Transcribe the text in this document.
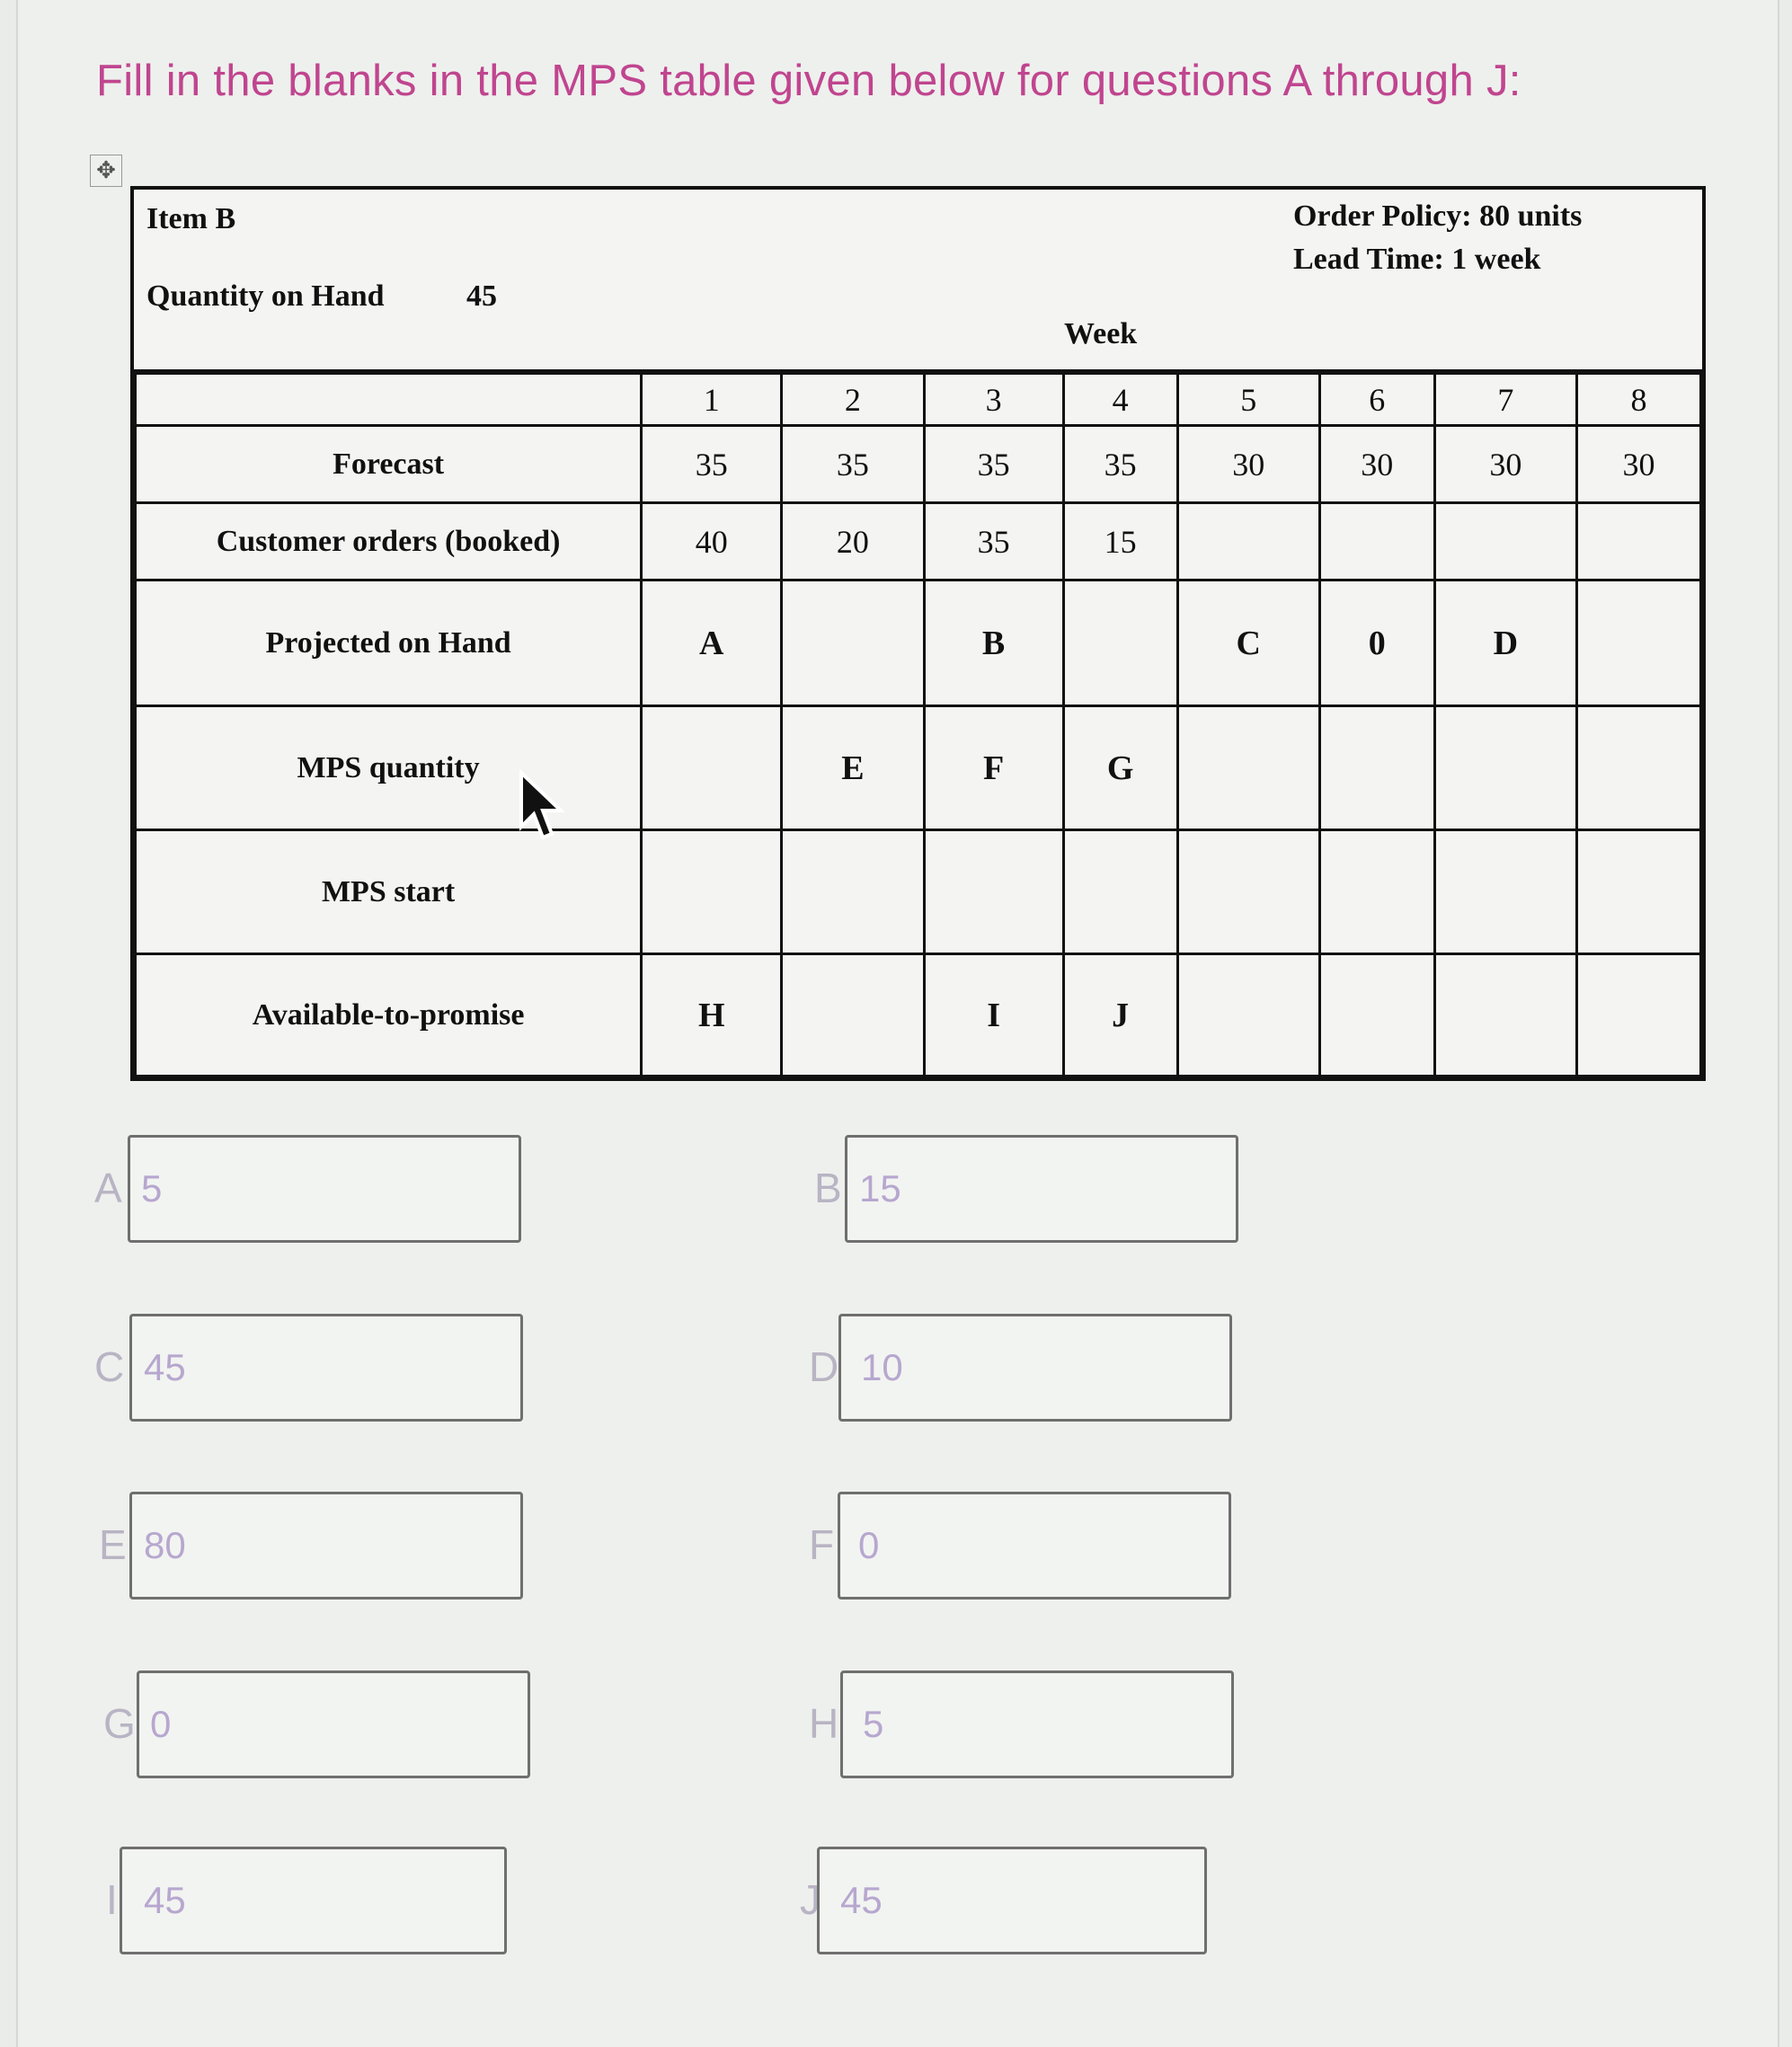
Fill in the blanks in the MPS table given below for questions A through J:
✥
Item B
Quantity on Hand	45
Order Policy: 80 units
Lead Time: 1 week
Week
	1	2	3	4	5	6	7	8
Forecast	35	35	35	35	30	30	30	30
Customer orders (booked)	40	20	35	15				
Projected on Hand	A		B		C	0	D	
MPS quantity		E	F	G				
MPS start								
Available-to-promise	H		I	J				
A 5
C 45
E 80
G 0
I 45
B 15
D 10
F 0
H 5
J 45
